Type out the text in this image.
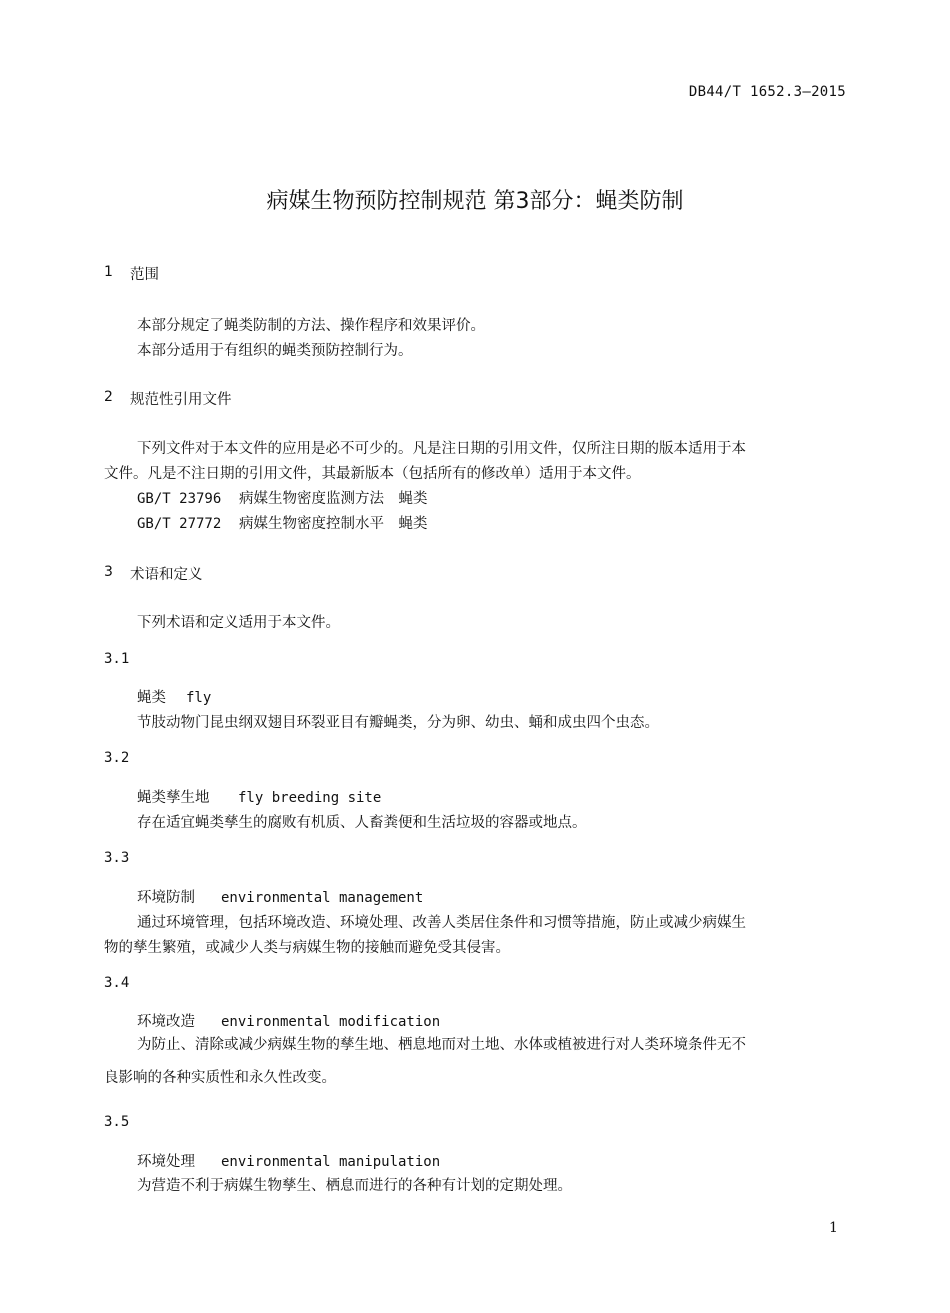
DB44/T 1652.3—2015
病媒生物预防控制规范 第3部分：蝇类防制
1 范围
本部分规定了蝇类防制的方法、操作程序和效果评价。
本部分适用于有组织的蝇类预防控制行为。
2 规范性引用文件
下列文件对于本文件的应用是必不可少的。凡是注日期的引用文件，仅所注日期的版本适用于本
文件。凡是不注日期的引用文件，其最新版本（包括所有的修改单）适用于本文件。
GB/T 23796 病媒生物密度监测方法　蝇类
GB/T 27772 病媒生物密度控制水平　蝇类
3 术语和定义
下列术语和定义适用于本文件。
3.1
蝇类 fly
节肢动物门昆虫纲双翅目环裂亚目有瓣蝇类，分为卵、幼虫、蛹和成虫四个虫态。
3.2
蝇类孳生地 fly breeding site
存在适宜蝇类孳生的腐败有机质、人畜粪便和生活垃圾的容器或地点。
3.3
环境防制 environmental management
通过环境管理，包括环境改造、环境处理、改善人类居住条件和习惯等措施，防止或减少病媒生
物的孳生繁殖，或减少人类与病媒生物的接触而避免受其侵害。
3.4
环境改造 environmental modification
为防止、清除或减少病媒生物的孳生地、栖息地而对土地、水体或植被进行对人类环境条件无不
良影响的各种实质性和永久性改变。
3.5
环境处理 environmental manipulation
为营造不利于病媒生物孳生、栖息而进行的各种有计划的定期处理。
1
